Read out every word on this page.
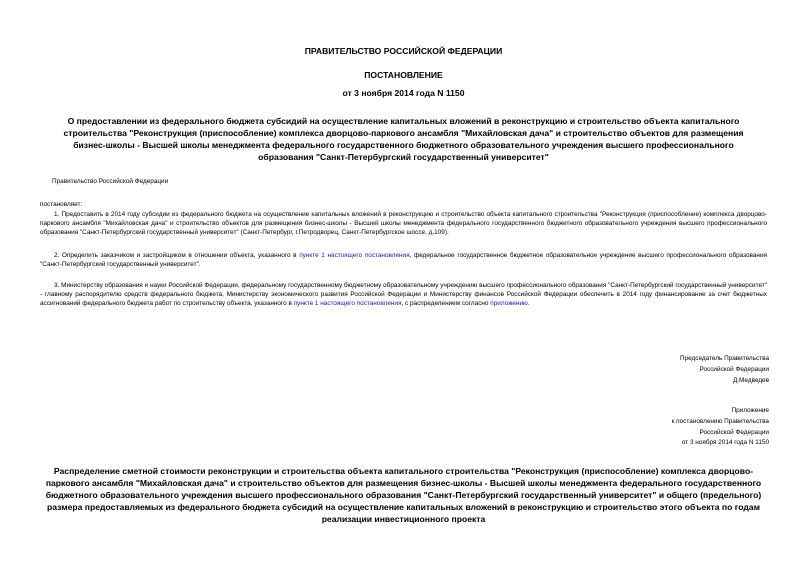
ПРАВИТЕЛЬСТВО РОССИЙСКОЙ ФЕДЕРАЦИИ
ПОСТАНОВЛЕНИЕ
от 3 ноября 2014 года N 1150
О предоставлении из федерального бюджета субсидий на осуществление капитальных вложений в реконструкцию и строительство объекта капитального строительства "Реконструкция (приспособление) комплекса дворцово-паркового ансамбля "Михайловская дача" и строительство объектов для размещения бизнес-школы - Высшей школы менеджмента федерального государственного бюджетного образовательного учреждения высшего профессионального образования "Санкт-Петербургский государственный университет"
Правительство Российской Федерации
постановляет:
1. Предоставить в 2014 году субсидии из федерального бюджета на осуществление капитальных вложений в реконструкцию и строительство объекта капитального строительства "Реконструкция (приспособление) комплекса дворцово-паркового ансамбля "Михайловская дача" и строительство объектов для размещения бизнес-школы - Высшей школы менеджмента федерального государственного бюджетного образовательного учреждения высшего профессионального образования "Санкт-Петербургский государственный университет" (Санкт-Петербург, г.Петродворец, Санкт-Петербургское шоссе, д.109).
2. Определить заказчиком и застройщиком в отношении объекта, указанного в пункте 1 настоящего постановления, федеральное государственное бюджетное образовательное учреждение высшего профессионального образования "Санкт-Петербургский государственный университет".
3. Министерству образования и науки Российской Федерации, федеральному государственному бюджетному образовательному учреждению высшего профессионального образования "Санкт-Петербургский государственный университет" - главному распорядителю средств федерального бюджета, Министерству экономического развития Российской Федерации и Министерству финансов Российской Федерации обеспечить в 2014 году финансирование за счет бюджетных ассигнований федерального бюджета работ по строительству объекта, указанного в пункте 1 настоящего постановления, с распределением согласно приложению.
Председатель Правительства
Российской Федерации
Д.Медведев
Приложение
к постановлению Правительства
Российской Федерации
от 3 ноября 2014 года N 1150
Распределение сметной стоимости реконструкции и строительства объекта капитального строительства "Реконструкция (приспособление) комплекса дворцово-паркового ансамбля "Михайловская дача" и строительство объектов для размещения бизнес-школы - Высшей школы менеджмента федерального государственного бюджетного образовательного учреждения высшего профессионального образования "Санкт-Петербургский государственный университет" и общего (предельного) размера предоставляемых из федерального бюджета субсидий на осуществление капитальных вложений в реконструкцию и строительство этого объекта по годам реализации инвестиционного проекта
